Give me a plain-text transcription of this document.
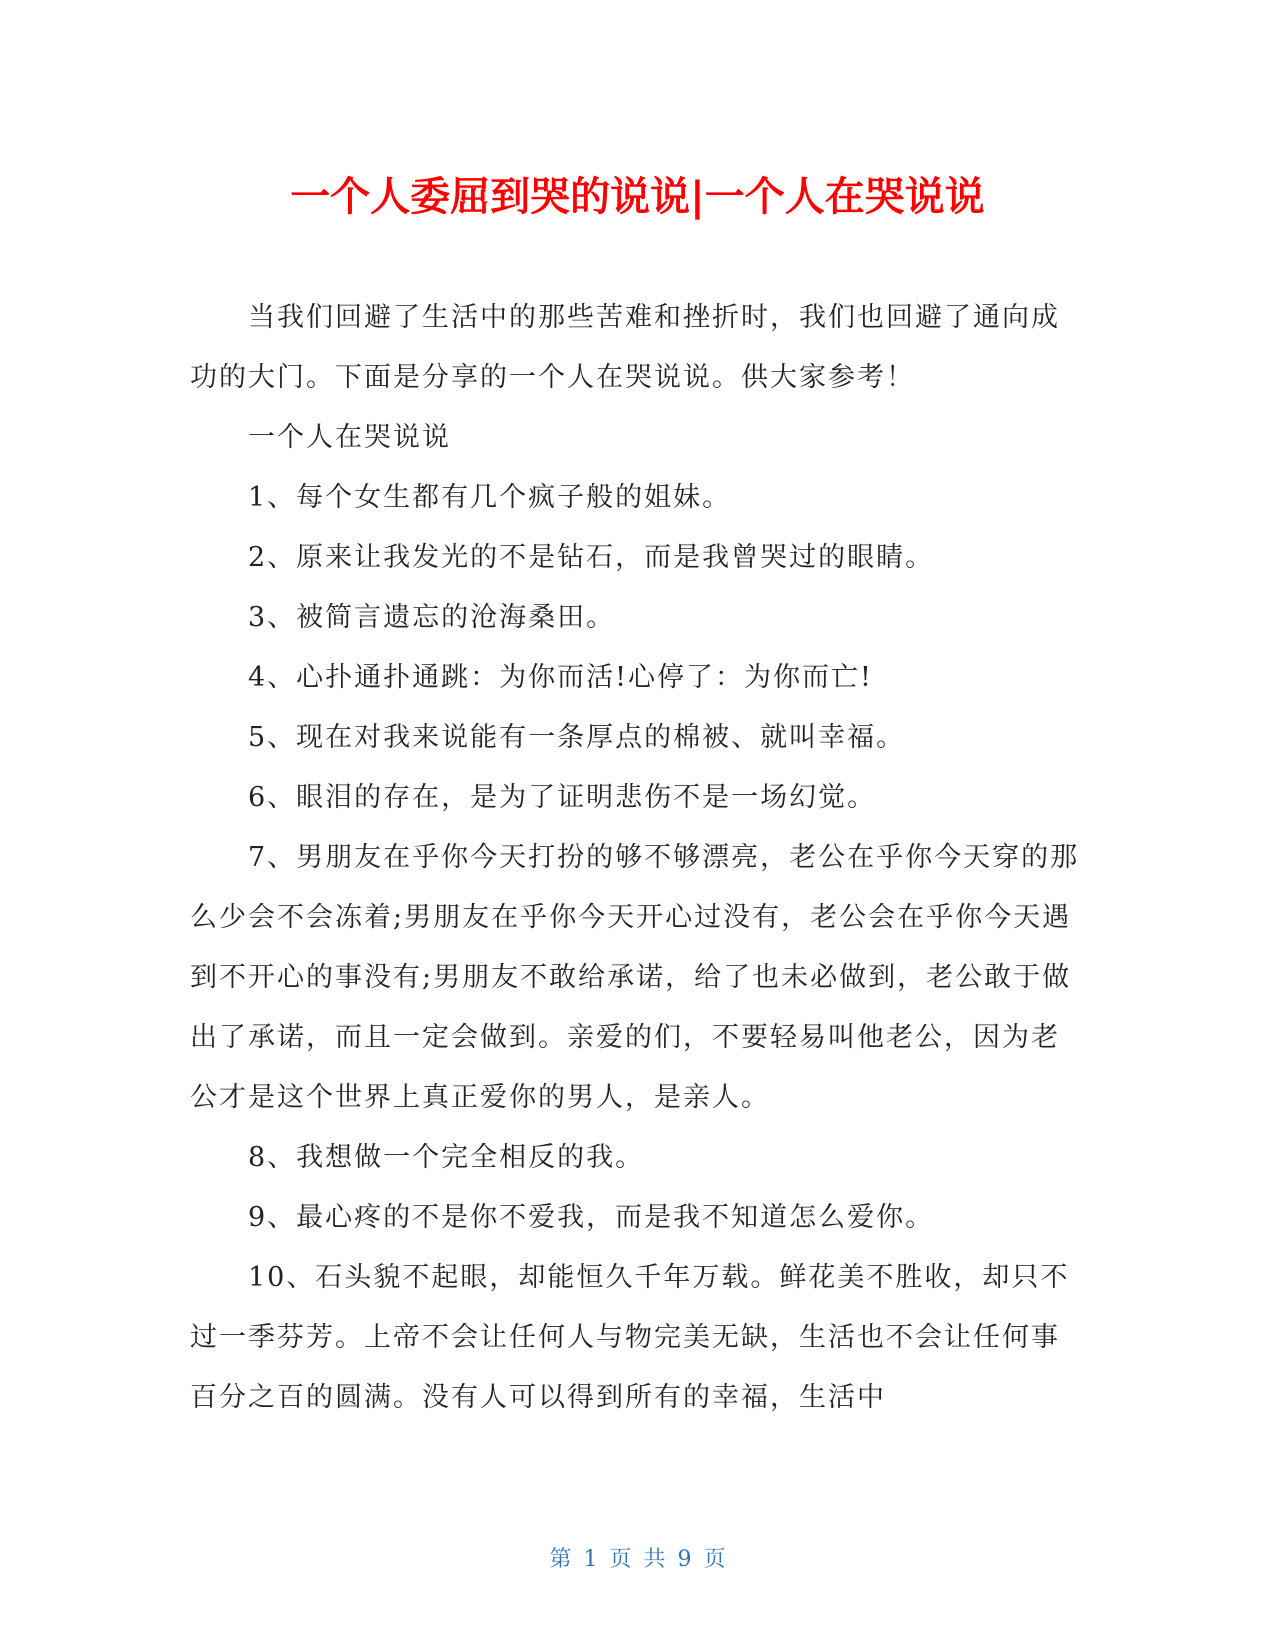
一个人委屈到哭的说说|一个人在哭说说

当我们回避了生活中的那些苦难和挫折时，我们也回避了通向成功的大门。下面是分享的一个人在哭说说。供大家参考！

一个人在哭说说

1、每个女生都有几个疯子般的姐妹。

2、原来让我发光的不是钻石，而是我曾哭过的眼睛。

3、被简言遗忘的沧海桑田。

4、心扑通扑通跳：为你而活!心停了：为你而亡!

5、现在对我来说能有一条厚点的棉被、就叫幸福。

6、眼泪的存在，是为了证明悲伤不是一场幻觉。

7、男朋友在乎你今天打扮的够不够漂亮，老公在乎你今天穿的那么少会不会冻着;男朋友在乎你今天开心过没有，老公会在乎你今天遇到不开心的事没有;男朋友不敢给承诺，给了也未必做到，老公敢于做出了承诺，而且一定会做到。亲爱的们，不要轻易叫他老公，因为老公才是这个世界上真正爱你的男人，是亲人。

8、我想做一个完全相反的我。

9、最心疼的不是你不爱我，而是我不知道怎么爱你。

10、石头貌不起眼，却能恒久千年万载。鲜花美不胜收，却只不过一季芬芳。上帝不会让任何人与物完美无缺，生活也不会让任何事百分之百的圆满。没有人可以得到所有的幸福，生活中

第 1 页 共 9 页
